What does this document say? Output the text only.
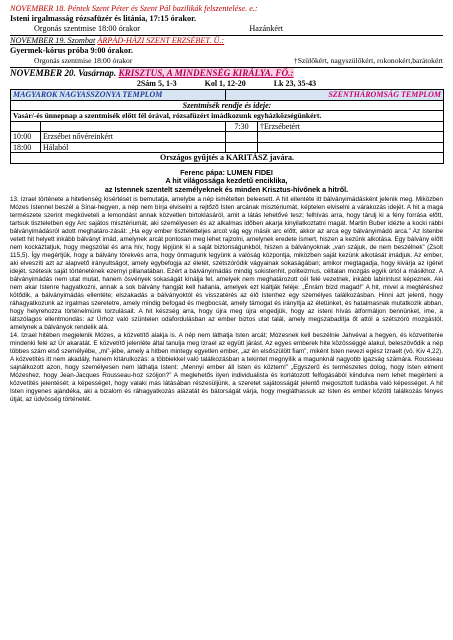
NOVEMBER 18. Péntek Szent Péter és Szent Pál bazilikák felszentelése. e.:
Isteni irgalmasság rózsafüzér és litánia, 17:15 órakor.
Orgonás szentmise 18:00 órakor	Hazánkért
NOVEMBER 19. Szombat ÁRPÁD-HÁZI SZENT ERZSÉBET. Ü.:
Gyermek-kórus próba 9:00 órakor.
Orgonás szentmise 18:00 órakor	†Szülőkért, nagyszülőkért, rokonokért,barátokért
NOVEMBER 20. Vasárnap. KRISZTUS, A MINDENSÉG KIRÁLYA. FŐ.:
2Sám 5, 1-3	Kol 1, 12-20	Lk 23, 35-43
MAGYAROK NAGYASSZONYA TEMPLOM		SZENTHÁROMSÁG TEMPLOM	
Szentmisék rendje és ideje:			
Vasár/-és ünnepnap a szentmisék előtt fél órával, rózsafüzért imádkozunk egyházközségünkért.			
		7:30	†Erzsébetért
10:00	Erzsébet nővéreinkért		
18:00	Hálaból		
Országos gyűjtés a KARITÁSZ javára.			
Ferenc pápa: LUMEN FIDEI
A hit világossága kezdetű enciklika,
az Istennek szentelt személyeknek és minden Krisztus-hívőnek a hitről.

13. Izrael története a hitetlenség kísértését is bemutatja, amelybe a nép ismételten beleesett. A hit ellentéte itt bálványimádásként jelenik meg. Miközben Mózes Istennel beszél a Sínai-hegyen, a nép nem bírja elviselni a rejtőző Isten arcának misztériumát, képtelen elviselni a várakozás idejét. A hit a maga természete szerint megköveteli a lemondást annak közvetlen birtoklásáról, amit a látás lehetővé tesz; felhívás arra, hogy tárulj ki a fény forrása előtt, tartsuk tiszteletben egy Arc sajátos misztériumát, aki személyesen és az alkalmas időben akarja kinyilatkoztatni magát. Martin Buber idézte a kocki rabbi bálványimádásról adott meghatáro-zását: „Ha egy ember tiszteletteljes arcot vág egy másik arc előtt, akkor az arca egy bálványimádó arca.” Az Istenbe vetett hit helyett inkább bálványt imád, amelynek arcát pontosan meg lehet rajzolni, amelynek eredete ismert, hiszen a kezünk alkotása. Egy bálvány előtt nem kockáztatjuk, hogy megszólal és arra hív, hogy lépjünk ki a saját biztonságunkból, hiszen a bálványoknak „van szájuk, de nem beszélnek” (Zsolt 115,5). Így megértjük, hogy a bálvány törekvés arra, hogy önmagunk legyünk a valóság központja, miközben saját kezünk alkotását imádjuk. Az ember, aki elveszíti azt az alapvető irányultságot, amely egybefogja az életét, szétszóródik vágyainak sokaságában; amikor megtagadja, hogy kivárja az ígéret idejét, szétesik saját történetének ezernyi pillanatában. Ezért a bálványimádás mindig sokistenhit, politeizmus, céltalan mozgás egyik úrtól a másikhoz. A bálványimádás nem utat mutat, hanem ösvények sokaságát kínálja fel, amelyek nem meghatározott cél felé vezetnek, inkább labirintust képeznek. Aki nem akar Istenre hagyatkozni, annak a sok bálvány hangját kell hallania, amelyek ezt kiáltják feléje: „Énrám bízd magad!” A hit, mivel a megtéréshez kötődik, a bálványimádás ellentéte; elszakadás a bálványoktól és visszatérés az élő Istenhez egy személyes találkozásban. Hinni azt jelenti, hogy ráhagyatkozunk az irgalmas szeretetre, amely mindig befogad és megbocsát, amely támogat és irányítja az életünket, és hatalmasnak mutatkozik abban, hogy helyrehozza történelmünk torzulásait. A hit készség arra, hogy újra meg újra engedjük, hogy az isteni hívás átformáljon bennünket, ime, a látszólagos ellentmondás: az Úrhoz való szüntelen odafordulásban az ember biztos utat talál, amely megszabadítja őt attól a szétszóró mozgástól, amelynek a bálványok rendelik alá.

14. Izrael hitében megjelenik Mózes, a közvetítő alakja is. A nép nem láthatja Isten arcát; Mózesnek kell beszélnie Jahvéval a hegyen, és közvetítenie mindenki felé az Úr akaratát. E közvetítő jelenléte által tanulja meg Izrael az együtt járást. Az egyes emberek hite közösséggé alakul, beleszövődik a nép többes szám első személyébe, „mi”-jébe, amely a hitben mintegy egyetlen ember, „az én elsőszülött fiam”, miként Isten nevezi egész Izraelt (vö. Kiv 4,22). A közvetítés itt nem akadály, hanem kitárulkozás: a többiekkel való találkozásban a tekintet megnyílik a magunknál nagyobb igazság számára. Rousseau sajnálkozott azon, hogy személyesen nem láthatja Istent: „Mennyi ember áll Isten és köztem!” „Egyszerű és természetes dolog, hogy Isten elment Mózeshez, hogy Jean-Jacques Rousseau-hoz szóljon?” A meglehetős ilyen individualista és korlátozott felfogásából kiindulva nem lehet megérteni a közvetítés jelentését; a képességet, hogy valaki más látásában részesüljünk, a szeretet sajátosságát jelentő megosztott tudásba való képességet. A hit Isten ingyenes ajándéka, aki a bizalom és ráhagyatkozás alázatát és bátorságát várja, hogy megláthassuk az Isten és ember közötti találkozás fényes útját, az üdvösség történetét.
